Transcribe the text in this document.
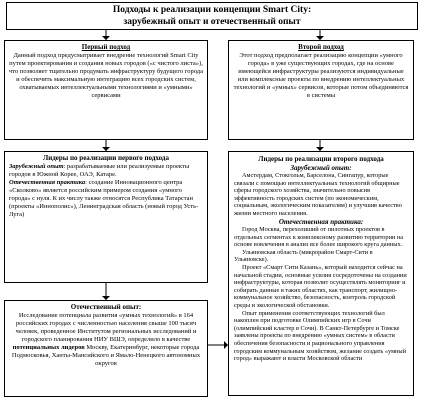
Подходы к реализации концепции Smart City:
зарубежный опыт и отечественный опыт
Первый подход
Данный подход предусматривает внедрение технологий Smart City путем проектирования и создания новых городов («с чистого листа»), что позволяет тщательно продумать инфраструктуру будущего города и обеспечить максимальную интеграцию всех городских систем, охватываемых интеллектуальными технологиями и «умными» сервисами
Второй подход
Этот подход предполагает реализацию концепции «умного города» в уже существующих городах, где на основе имеющейся инфраструктуры реализуются индивидуальные или комплексные проекты по внедрению интеллектуальных технологий и «умных» сервисов, которые потом объединяются в системы
Лидеры по реализации первого подхода
Зарубежный опыт: разрабатываемые или реализуемые проекты городов в Южной Корее, ОАЭ, Катаре.
Отечественная практика: создание Инновационного центра «Сколково» является российским примером создания «умного города» с нуля. К их числу также относятся Республика Татарстан (проекты «Иннополис»), Ленинградская область (новый город Усть-Луга)
Лидеры по реализации второго подхода
Зарубежный опыт:
Амстердам, Стокгольм, Барселона, Сингапур, которые связали с помощью интеллектуальных технологий общирные сферы городского хозяйства, значительно повысив эффективность городских систем (по экономическим, социальным, экологическим показателям) и улучшив качество жизни местного населения.
Отечественная практика:
Город Москва, перехолиший от пилотных проектов в отдельных сегментах к комплексному развитию территории на основе вовлечения в анализ все более широкого круга данных.
Ульяновская область (микрорайон Смарт-Сити в Ульяновске).
Проект «Смарт Сити Казань», который находится сейчас на начальной стадии, основные усилия сосредоточены на создании инфраструктуры, которая позволит осуществлять мониторинг и собирать данные в таких областях, как транспорт, жилищно-коммунальное хозяйство, безопасность, контроль городской среды и экологической обстановки.
Опыт применения соответствующих технологий был накоплен при подготовке Олимпийских игр в Сочи (олимпийский кластер в Сочи). В Санкт-Петербурге и Томске заявлены проекты по внедрению «умных систем» в области обеспечения безопасности и рационального управления городским коммунальным хозяйством, желание создать «умный город» выражают и власти Московской области
Отечественный опыт:
Исследование потенциала развития «умных технологий» в 164 российских городах с численностью населения свыше 100 тысяч человек, проведенное Институтом региональных исследований и городского планирования НИУ ВШЭ, определило в качестве потенциальных лидеров Москву, Екатеринбург, некоторые города Подмосковья, Ханты-Мансийского и Ямало-Ненецкого автономных округов
